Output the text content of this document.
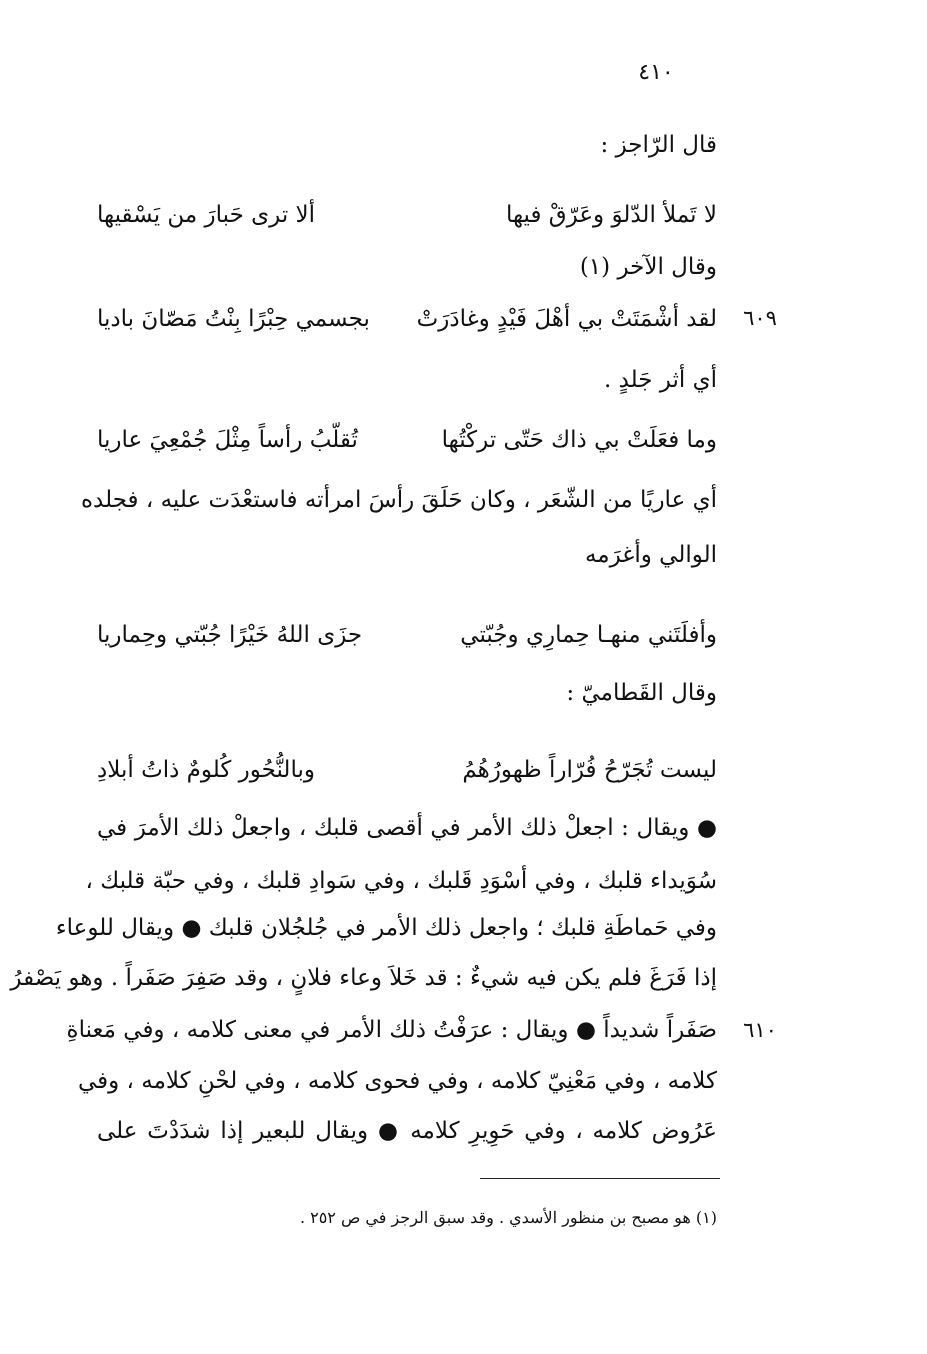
٤١٠
قال الرّاجز :
لا تَملأ الدّلوَ وعَرّقْ فيها
ألا ترى حَبارَ من يَسْقيها
وقال الآخر (١)
٦٠٩
لقد أشْمَتَتْ بي أهْلَ فَيْدٍ وغادَرَتْ
بجسمي حِبْرًا بِنْتُ مَصّانَ باديا
أي أثر جَلدٍ .
وما فعَلَتْ بي ذاك حَتّى تركْتُها
تُقلّبُ رأساً مِثْلَ جُمْعِيَ عاريا
أي عاريًا من الشّعَر ، وكان حَلَقَ رأسَ امرأته فاستعْدَت عليه ، فجلده
الوالي وأغرَمه
وأفلَتَني منهـا حِمارِي وجُبّتي
جزَى اللهُ خَيْرًا جُبّتي وحِماريا
وقال القَطاميّ :
ليست تُجَرّحُ فُرّاراً ظهورُهُمُ
وبالنُّحُور كُلومٌ ذاتُ أبلادِ
● ويقال : اجعلْ ذلك الأمر في أقصى قلبك ، واجعلْ ذلك الأمرَ في
سُوَيداء قلبك ، وفي أسْوَدِ قَلبك ، وفي سَوادِ قلبك ، وفي حبّة قلبك ،
وفي حَماطَةِ قلبك ؛ واجعل ذلك الأمر في جُلجُلان قلبك ● ويقال للوعاء
إذا فَرَغَ فلم يكن فيه شيءٌ : قد خَلاَ وعاء فلانٍ ، وقد صَفِرَ صَفَراً . وهو يَصْفرُ
٦١٠
صَفَراً شديداً ● ويقال : عرَفْتُ ذلك الأمر في معنى كلامه ، وفي مَعناةِ
كلامه ، وفي مَعْنِيّ كلامه ، وفي فحوى كلامه ، وفي لحْنِ كلامه ، وفي
عَرُوض كلامه ، وفي حَوِيرِ كلامه ● ويقال للبعير إذا شدَدْتَ على
(١) هو مصبح بن منظور الأسدي . وقد سبق الرجز في ص ٢٥٢ .
